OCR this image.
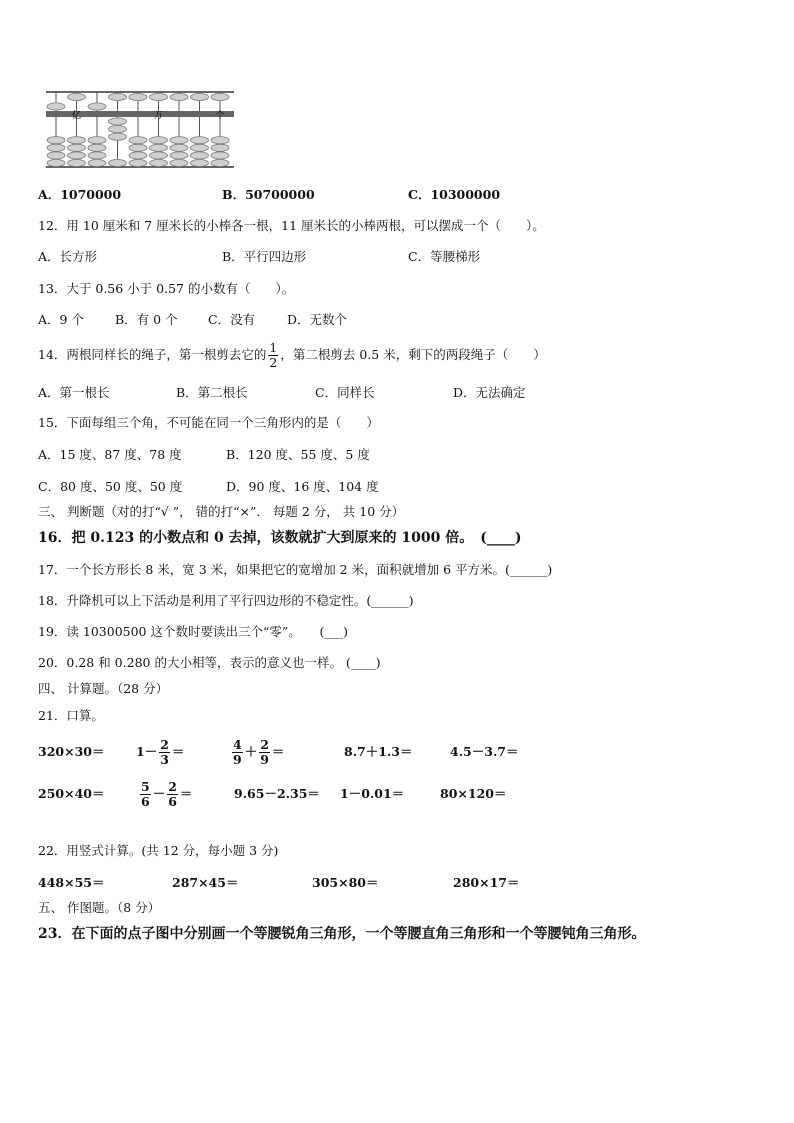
亿	万	个
A．1070000	B．50700000	C．10300000
12．用 10 厘米和 7 厘米长的小棒各一根，11 厘米长的小棒两根，可以摆成一个（　　）。
A．长方形	B．平行四边形	C．等腰梯形
13．大于 0.56 小于 0.57 的小数有（　　）。
A．9 个 B．有 0 个 C．没有	D．无数个
14．两根同样长的绳子，第一根剪去它的 $\frac{1}{2}$ ，第二根剪去 0.5 米，剩下的两段绳子（　　）
A．第一根长	B．第二根长	C．同样长	D．无法确定
15．下面每组三个角，不可能在同一个三角形内的是（　　）
A．15 度、87 度、78 度	B．120 度、55 度、5 度
C．80 度、50 度、50 度	D．90 度、16 度、104 度
三、 判断题（对的打“√ ”， 错的打“×”． 每题 2 分， 共 10 分）
16．把 0.123 的小数点和 0 去掉，该数就扩大到原来的 1000 倍。　(____)
17．一个长方形长 8 米，宽 3 米，如果把它的宽增加 2 米，面积就增加 6 平方米。(______)
18．升降机可以上下活动是利用了平行四边形的不稳定性。(______)
19．读 10300500 这个数时要读出三个“零”。　　(___)
20．0.28 和 0.280 的大小相等，表示的意义也一样。 (____)
四、 计算题。（28 分）
21．口算。
320×30＝	$1- \frac{2}{3}$ ＝	$\frac{4}{9} + \frac{2}{9}$ ＝	8.7＋1.3＝	4.5－3.7＝
250×40＝	$\frac{5}{6} - \frac{2}{6}$ ＝	9.65－2.35＝ 1－0.01＝	80×120＝
22．用竖式计算。(共 12 分，每小题 3 分)
448×55＝	287×45＝	305×80＝	280×17＝
五、 作图题。（8 分）
23．在下面的点子图中分别画一个等腰锐角三角形，一个等腰直角三角形和一个等腰钝角三角形。
